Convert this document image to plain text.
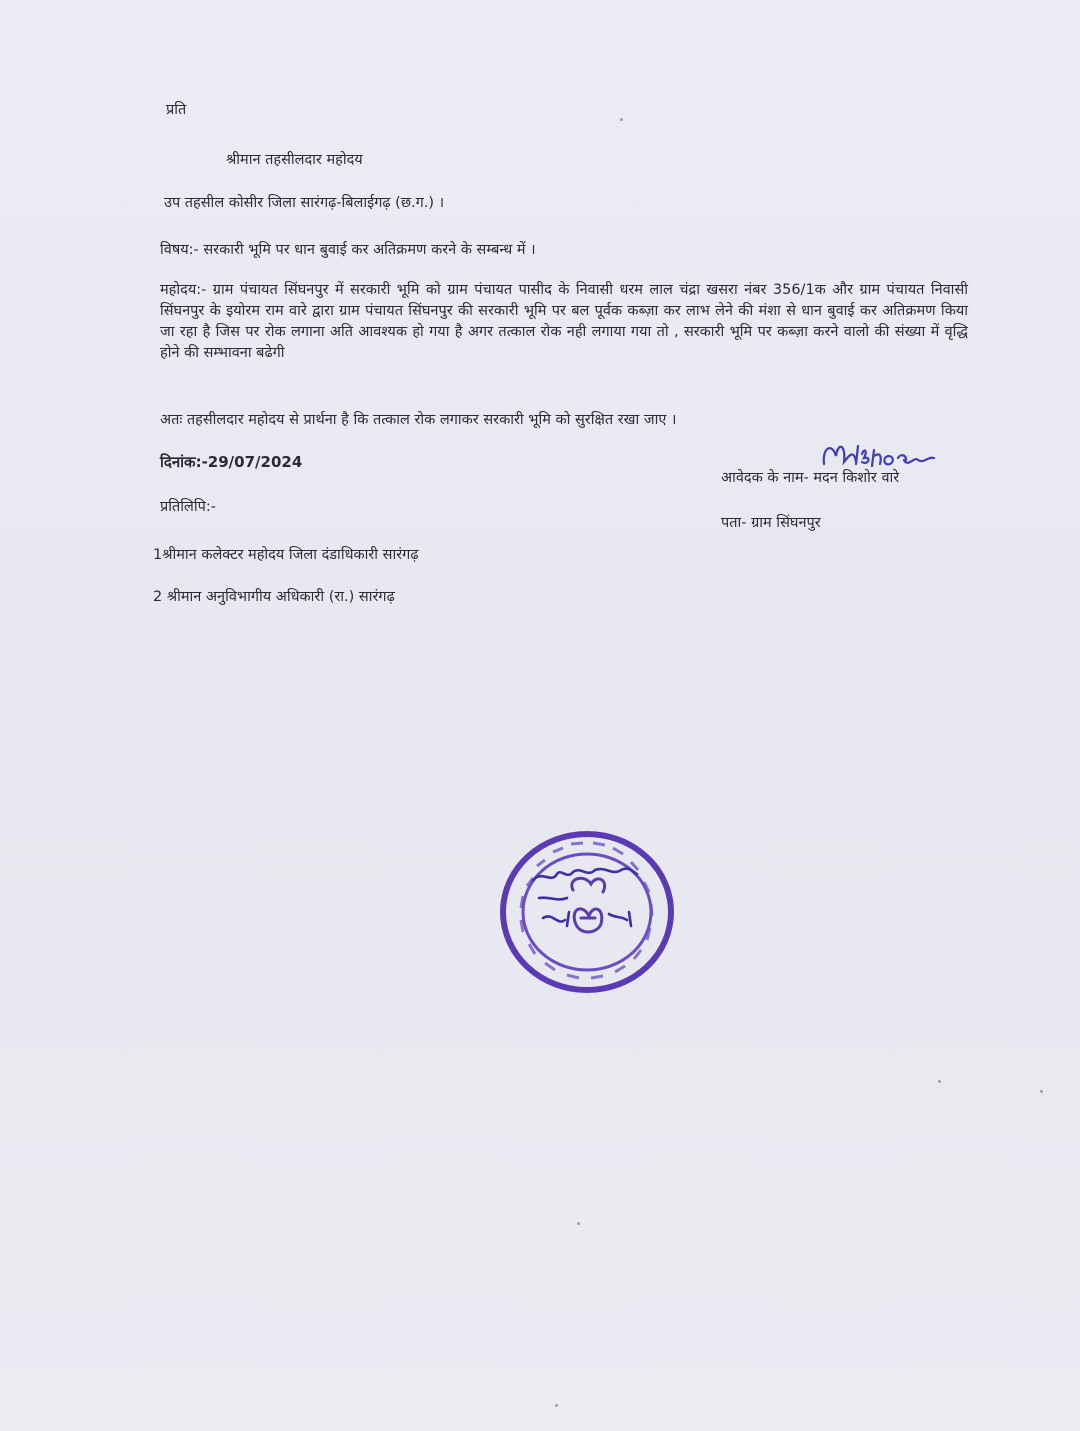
प्रति
श्रीमान तहसीलदार महोदय
उप तहसील कोसीर जिला सारंगढ़-बिलाईगढ़ (छ.ग.) ।
विषय:- सरकारी भूमि पर धान बुवाई कर अतिक्रमण करने के सम्बन्ध में ।
महोदय:- ग्राम पंचायत सिंघनपुर में सरकारी भूमि को ग्राम पंचायत पासीद के निवासी धरम लाल चंद्रा खसरा नंबर 356/1क और ग्राम पंचायत निवासी सिंघनपुर के इयोरम राम वारे द्वारा ग्राम पंचायत सिंघनपुर की सरकारी भूमि पर बल पूर्वक कब्ज़ा कर लाभ लेने की मंशा से धान बुवाई कर अतिक्रमण किया जा रहा है जिस पर रोक लगाना अति आवश्यक हो गया है अगर तत्काल रोक नही लगाया गया तो , सरकारी भूमि पर कब्ज़ा करने वालो की संख्या में वृद्धि होने की सम्भावना बढेगी
अतः तहसीलदार महोदय से प्रार्थना है कि तत्काल रोक लगाकर सरकारी भूमि को सुरक्षित रखा जाए ।
दिनांक:-29/07/2024
आवेदक के नाम- मदन किशोर वारे
प्रतिलिपि:-
पता- ग्राम सिंघनपुर
1श्रीमान कलेक्टर महोदय जिला दंडाधिकारी सारंगढ़
2 श्रीमान अनुविभागीय अधिकारी (रा.) सारंगढ़
